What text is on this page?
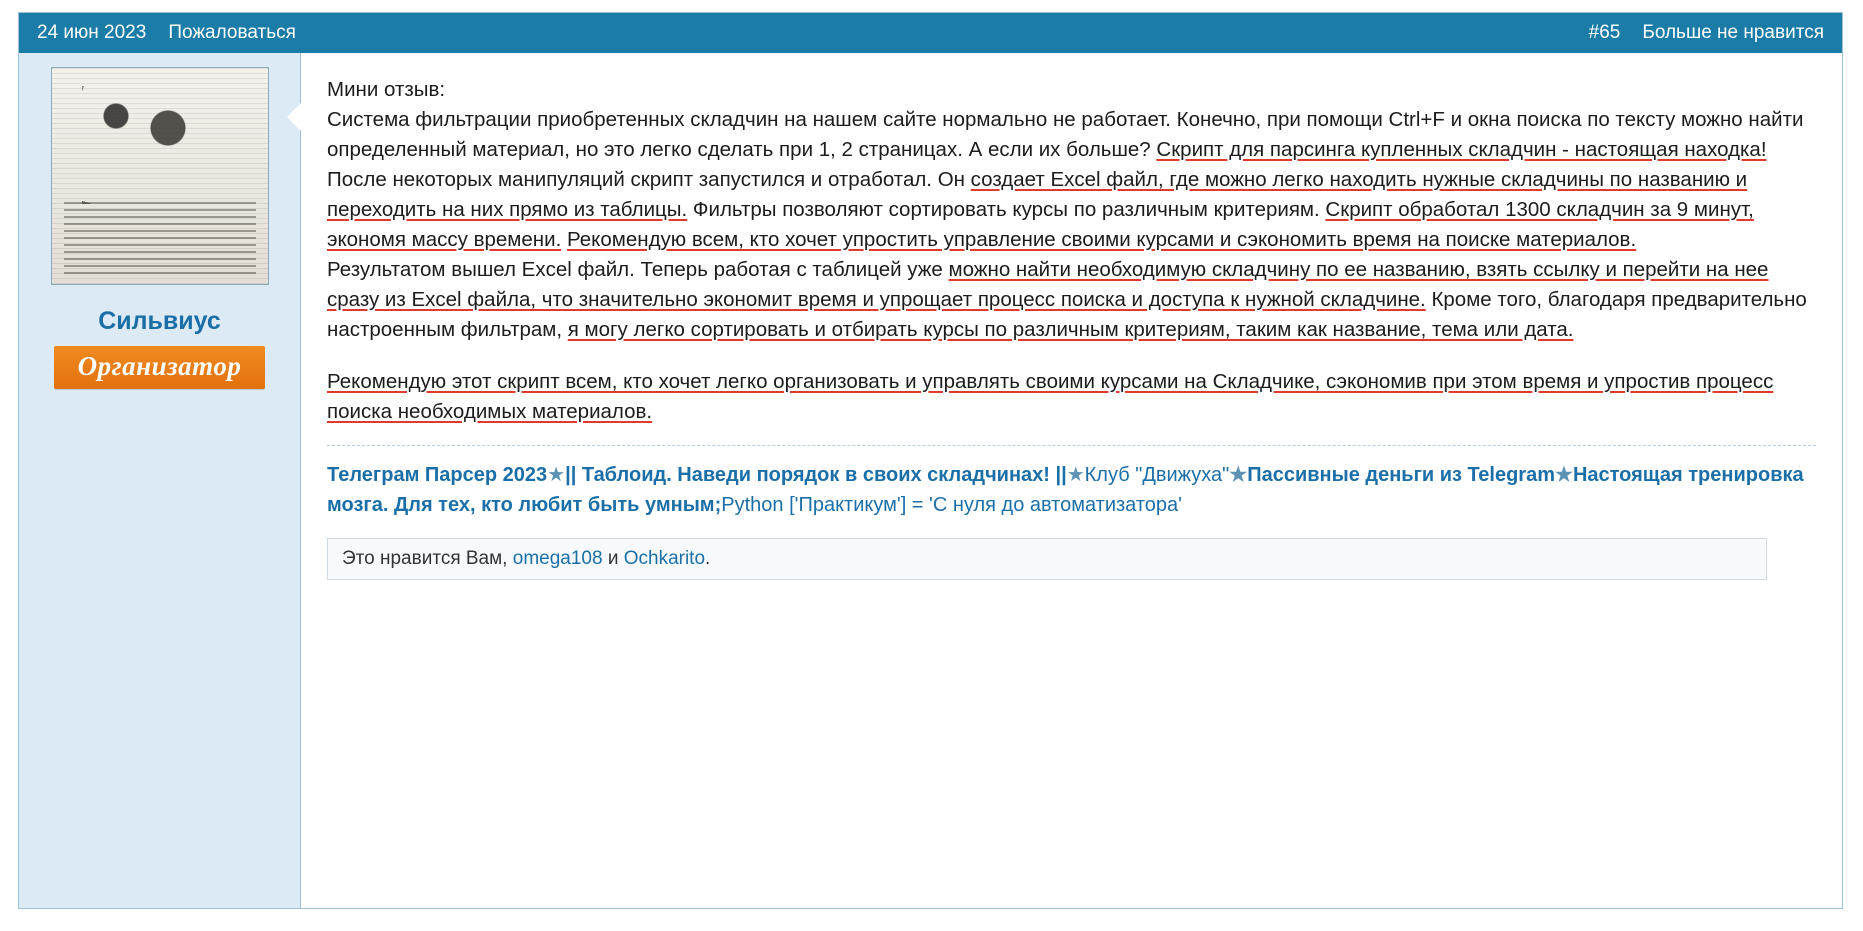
24 июн 2023 Пожаловаться	#65 Больше не нравится
Сильвиус
Организатор

Мини отзыв:

Система фильтрации приобретенных складчин на нашем сайте нормально не работает. Конечно, при помощи Ctrl+F и окна поиска по тексту можно найти определенный материал, но это легко сделать при 1, 2 страницах. А если их больше? Скрипт для парсинга купленных складчин - настоящая находка!

После некоторых манипуляций скрипт запустился и отработал. Он создает Excel файл, где можно легко находить нужные складчины по названию и переходить на них прямо из таблицы. Фильтры позволяют сортировать курсы по различным критериям. Скрипт обработал 1300 складчин за 9 минут, экономя массу времени. Рекомендую всем, кто хочет упростить управление своими курсами и сэкономить время на поиске материалов.

Результатом вышел Excel файл. Теперь работая с таблицей уже можно найти необходимую складчину по ее названию, взять ссылку и перейти на нее сразу из Excel файла, что значительно экономит время и упрощает процесс поиска и доступа к нужной складчине. Кроме того, благодаря предварительно настроенным фильтрам, я могу легко сортировать и отбирать курсы по различным критериям, таким как название, тема или дата.

Рекомендую этот скрипт всем, кто хочет легко организовать и управлять своими курсами на Складчике, сэкономив при этом время и упростив процесс поиска необходимых материалов.

Телеграм Парсер 2023★|| Таблоид. Наведи порядок в своих складчинах! ||★Клуб "Движуха"★Пассивные деньги из Telegram★Настоящая тренировка мозга. Для тех, кто любит быть умным;Python ['Практикум'] = 'С нуля до автоматизатора'
Это нравится Вам, omega108 и Ochkarito.
